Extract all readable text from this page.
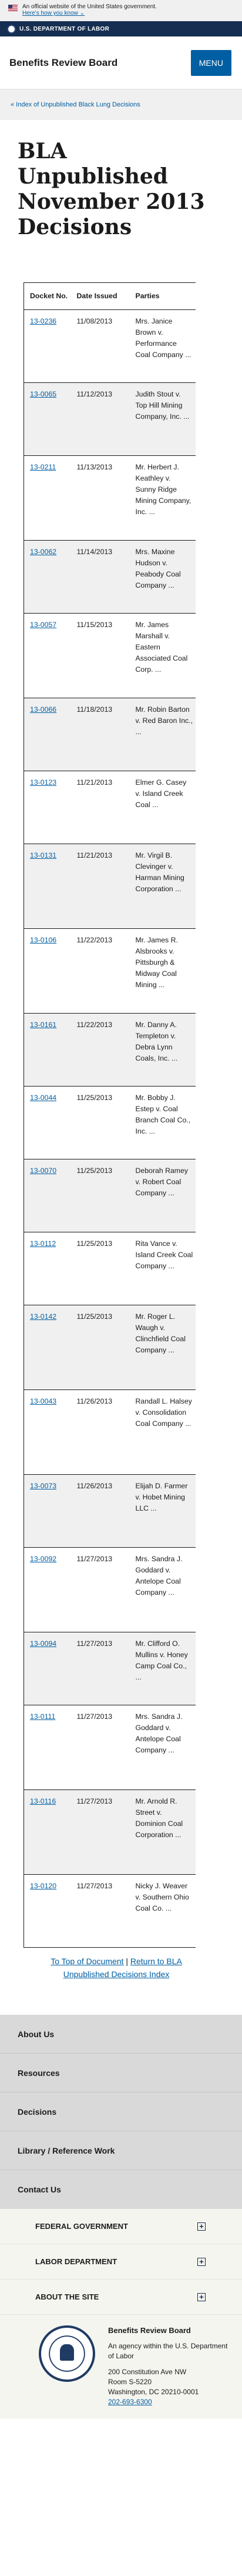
An official website of the United States government.
Here’s how you know ⌄
U.S. DEPARTMENT OF LABOR
Benefits Review Board	MENU
« Index of Unpublished Black Lung Decisions
BLA Unpublished November 2013 Decisions
Docket No.	Date Issued	Parties
13-0236	11/08/2013	Mrs. Janice Brown v. Performance Coal Company ...

13-0065	11/12/2013	Judith Stout v. Top Hill Mining Company, Inc. ...

13-0211	11/13/2013	Mr. Herbert J. Keathley v. Sunny Ridge Mining Company, Inc. ...

13-0062	11/14/2013	Mrs. Maxine Hudson v. Peabody Coal Company ...

13-0057	11/15/2013	Mr. James Marshall v. Eastern Associated Coal Corp. ...

13-0066	11/18/2013	Mr. Robin Barton v. Red Baron Inc., ...

13-0123	11/21/2013	Elmer G. Casey v. Island Creek Coal ...

13-0131	11/21/2013	Mr. Virgil B. Clevinger v. Harman Mining Corporation ...

13-0106	11/22/2013	Mr. James R. Alsbrooks v. Pittsburgh & Midway Coal Mining ...

13-0161	11/22/2013	Mr. Danny A. Templeton v. Debra Lynn Coals, Inc. ...

13-0044	11/25/2013	Mr. Bobby J. Estep v. Coal Branch Coal Co., Inc. ...

13-0070	11/25/2013	Deborah Ramey v. Robert Coal Company ...

13-0112	11/25/2013	Rita Vance v. Island Creek Coal Company ...

13-0142	11/25/2013	Mr. Roger L. Waugh v. Clinchfield Coal Company ...

13-0043	11/26/2013	Randall L. Halsey v. Consolidation Coal Company ...

13-0073	11/26/2013	Elijah D. Farmer v. Hobet Mining LLC ...

13-0092	11/27/2013	Mrs. Sandra J. Goddard v. Antelope Coal Company ...

13-0094	11/27/2013	Mr. Clifford O. Mullins v. Honey Camp Coal Co., ...

13-0111	11/27/2013	Mrs. Sandra J. Goddard v. Antelope Coal Company ...

13-0116	11/27/2013	Mr. Arnold R. Street v. Dominion Coal Corporation ...

13-0120	11/27/2013	Nicky J. Weaver v. Southern Ohio Coal Co. ...
To Top of Document | Return to BLA Unpublished Decisions Index
About Us
Resources
Decisions
Library / Reference Work
Contact Us
FEDERAL GOVERNMENT	+
LABOR DEPARTMENT	+
ABOUT THE SITE	+
Benefits Review Board
An agency within the U.S. Department of Labor
200 Constitution Ave NW
Room S-5220
Washington, DC 20210-0001
202-693-6300
